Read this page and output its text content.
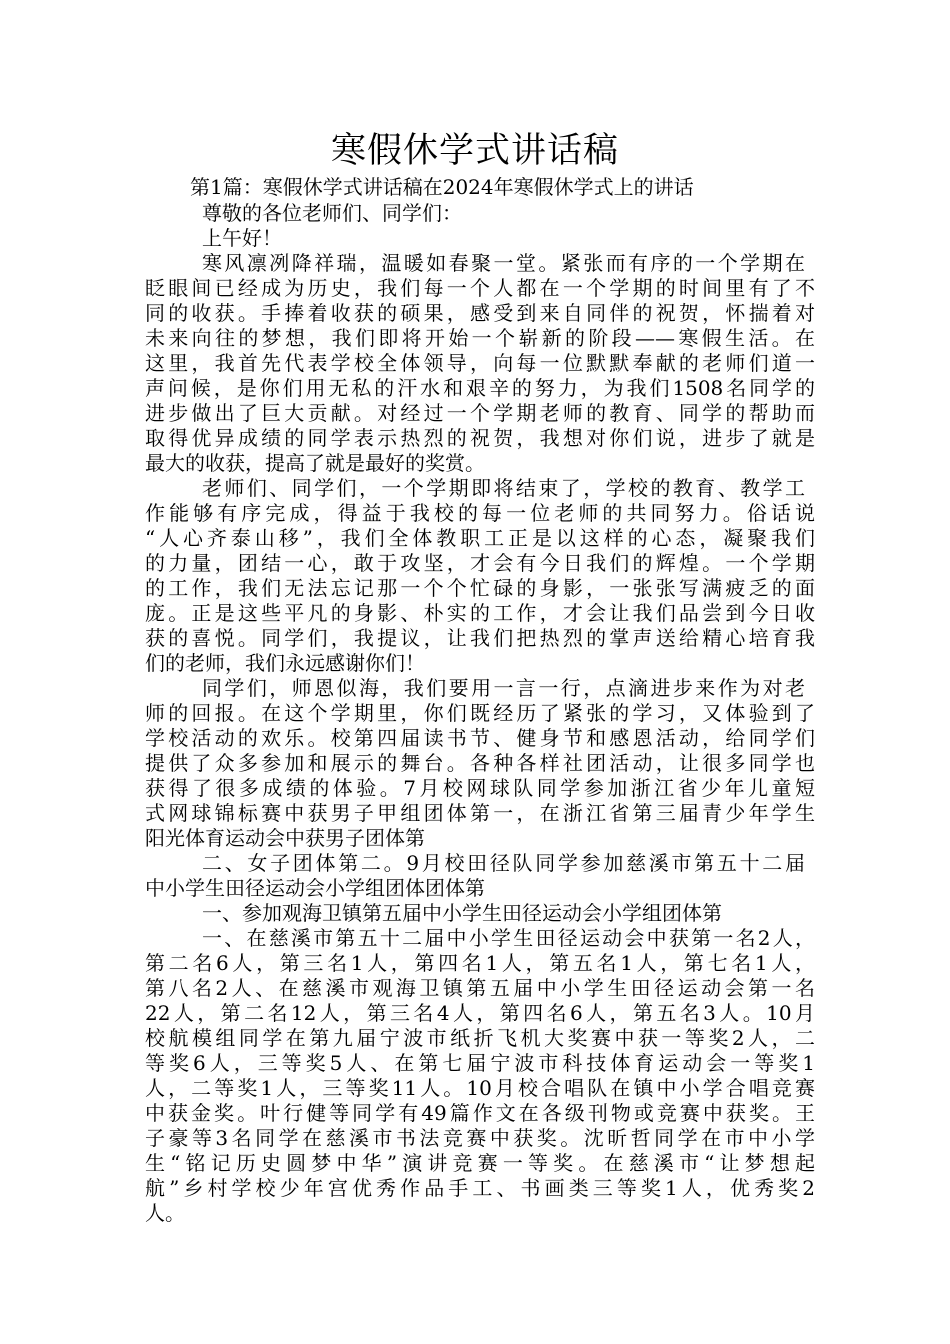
寒假休学式讲话稿
第1篇：寒假休学式讲话稿在2024年寒假休学式上的讲话
尊敬的各位老师们、同学们：
上午好！
寒风凛冽降祥瑞，温暖如春聚一堂。紧张而有序的一个学期在
眨眼间已经成为历史，我们每一个人都在一个学期的时间里有了不
同的收获。手捧着收获的硕果，感受到来自同伴的祝贺，怀揣着对
未来向往的梦想，我们即将开始一个崭新的阶段——寒假生活。在
这里，我首先代表学校全体领导，向每一位默默奉献的老师们道一
声问候，是你们用无私的汗水和艰辛的努力，为我们1508名同学的
进步做出了巨大贡献。对经过一个学期老师的教育、同学的帮助而
取得优异成绩的同学表示热烈的祝贺，我想对你们说，进步了就是
最大的收获，提高了就是最好的奖赏。
老师们、同学们，一个学期即将结束了，学校的教育、教学工
作能够有序完成，得益于我校的每一位老师的共同努力。俗话说
“人心齐泰山移”，我们全体教职工正是以这样的心态，凝聚我们
的力量，团结一心，敢于攻坚，才会有今日我们的辉煌。一个学期
的工作，我们无法忘记那一个个忙碌的身影，一张张写满疲乏的面
庞。正是这些平凡的身影、朴实的工作，才会让我们品尝到今日收
获的喜悦。同学们，我提议，让我们把热烈的掌声送给精心培育我
们的老师，我们永远感谢你们！
同学们，师恩似海，我们要用一言一行，点滴进步来作为对老
师的回报。在这个学期里，你们既经历了紧张的学习，又体验到了
学校活动的欢乐。校第四届读书节、健身节和感恩活动，给同学们
提供了众多参加和展示的舞台。各种各样社团活动，让很多同学也
获得了很多成绩的体验。7月校网球队同学参加浙江省少年儿童短
式网球锦标赛中获男子甲组团体第一，在浙江省第三届青少年学生
阳光体育运动会中获男子团体第
二、女子团体第二。9月校田径队同学参加慈溪市第五十二届
中小学生田径运动会小学组团体团体第
一、参加观海卫镇第五届中小学生田径运动会小学组团体第
一、在慈溪市第五十二届中小学生田径运动会中获第一名2人，
第二名6人，第三名1人，第四名1人，第五名1人，第七名1人，
第八名2人、在慈溪市观海卫镇第五届中小学生田径运动会第一名
22人，第二名12人，第三名4人，第四名6人，第五名3人。10月
校航模组同学在第九届宁波市纸折飞机大奖赛中获一等奖2人，二
等奖6人，三等奖5人、在第七届宁波市科技体育运动会一等奖1
人，二等奖1人，三等奖11人。10月校合唱队在镇中小学合唱竞赛
中获金奖。叶行健等同学有49篇作文在各级刊物或竞赛中获奖。王
子豪等3名同学在慈溪市书法竞赛中获奖。沈昕哲同学在市中小学
生“铭记历史圆梦中华”演讲竞赛一等奖。在慈溪市“让梦想起
航”乡村学校少年宫优秀作品手工、书画类三等奖1人，优秀奖2
人。
